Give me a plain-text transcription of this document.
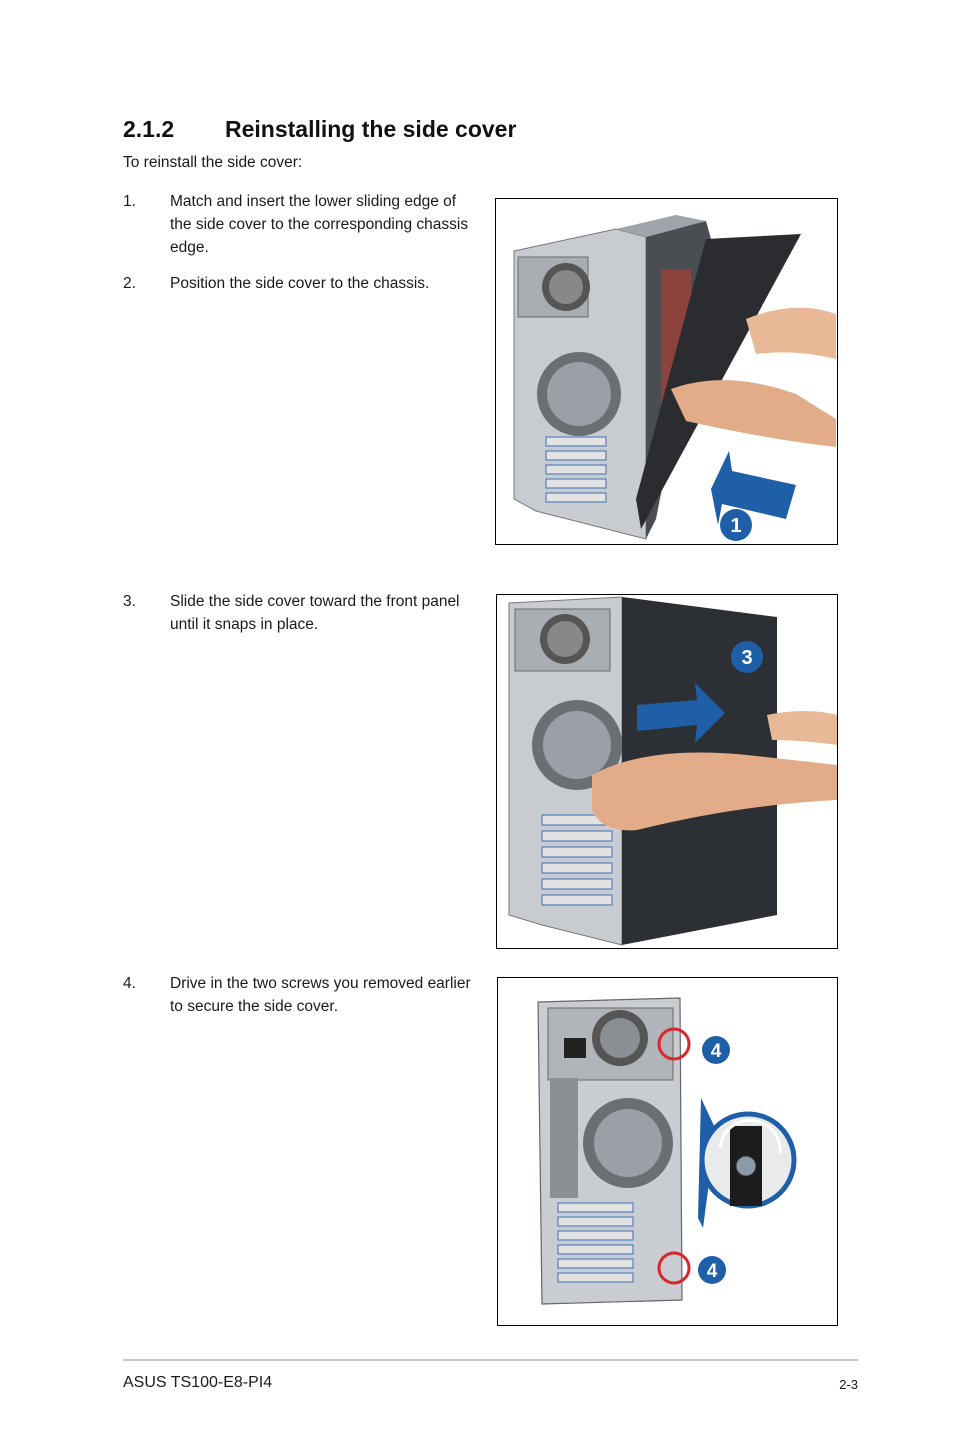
2.1.2 Reinstalling the side cover
To reinstall the side cover:
1. Match and insert the lower sliding edge of the side cover to the corresponding chassis edge.
2. Position the side cover to the chassis.
3. Slide the side cover toward the front panel until it snaps in place.
4. Drive in the two screws you removed earlier to secure the side cover.
1
3
4
4
ASUS TS100-E8-PI4	2-3
